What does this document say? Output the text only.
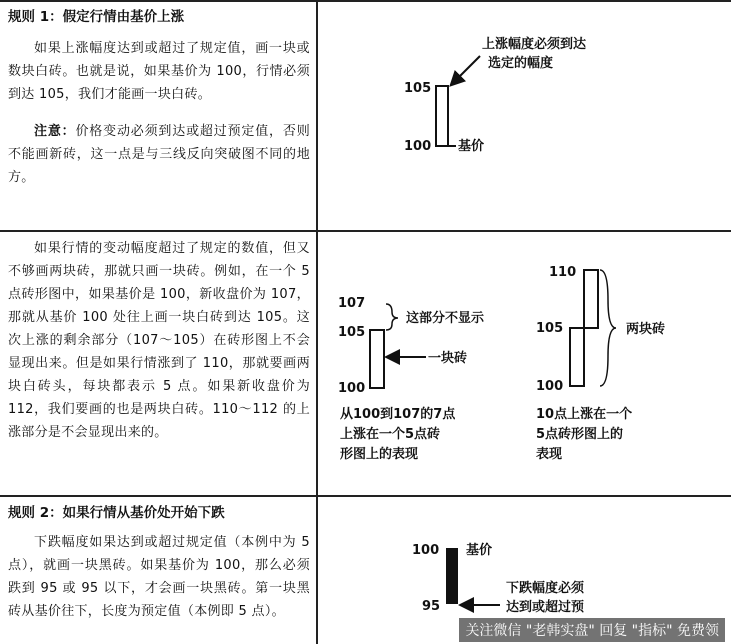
规则 1：假定行情由基价上涨

如果上涨幅度达到或超过了规定值，画一块或数块白砖。也就是说，如果基价为 100，行情必须到达 105，我们才能画一块白砖。

注意：价格变动必须到达或超过预定值，否则不能画新砖，这一点是与三线反向突破图不同的地方。

如果行情的变动幅度超过了规定的数值，但又不够画两块砖，那就只画一块砖。例如，在一个 5 点砖形图中，如果基价是 100，新收盘价为 107，那就从基价 100 处往上画一块白砖到达 105。这次上涨的剩余部分（107～105）在砖形图上不会显现出来。但是如果行情涨到了 110，那就要画两块白砖头，每块都表示 5 点。如果新收盘价为 112，我们要画的也是两块白砖。110～112 的上涨部分是不会显现出来的。

规则 2：如果行情从基价处开始下跌

下跌幅度如果达到或超过规定值（本例中为 5 点），就画一块黑砖。如果基价为 100，那么必须跌到 95 或 95 以下，才会画一块黑砖。第一块黑砖从基价往下，长度为预定值（本例即 5 点）。

上涨幅度必须到达
选定的幅度
105
100 基价
107
105
100
这部分不显示
一块砖
从100到107的7点
上涨在一个5点砖
形图上的表现
110
105
100
两块砖
10点上涨在一个
5点砖形图上的
表现
100 基价
下跌幅度必须
达到或超过预
95
关注微信 "老韩实盘" 回复 "指标" 免费领
